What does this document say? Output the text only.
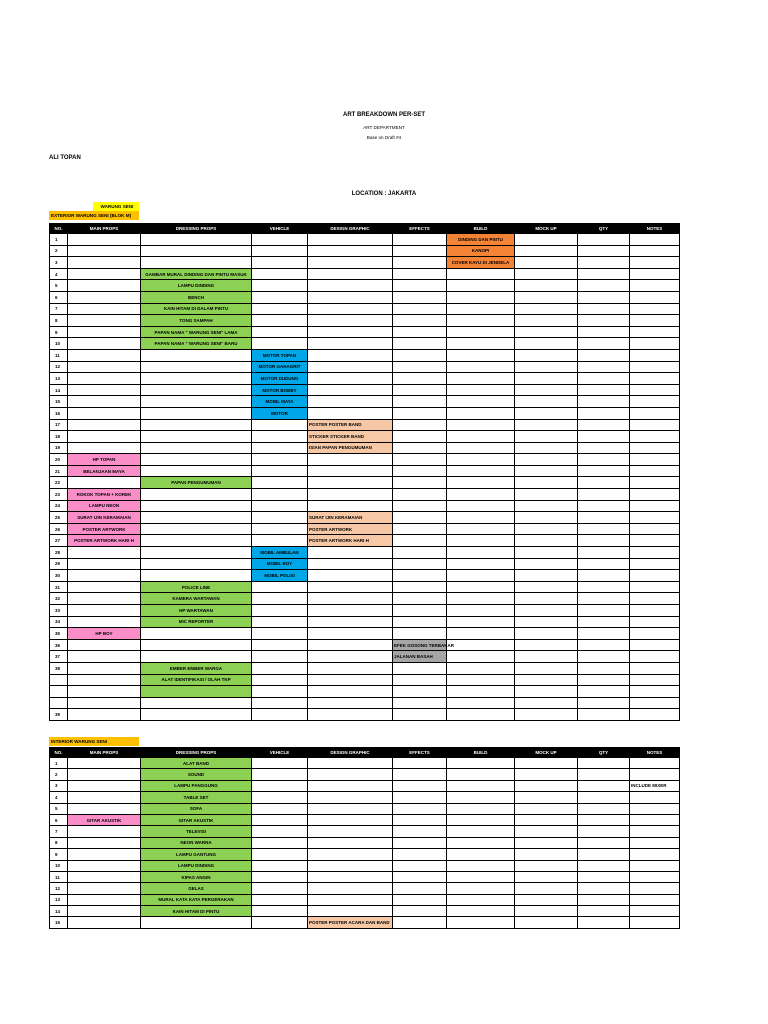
ART BREAKDOWN PER-SET
ART DEPARTMENT
Base on Draft #4
ALI TOPAN
LOCATION : JAKARTA
WARUNG SENI
EXTERIOR WARUNG SENI (BLOK M)
NO.	MAIN PROPS	DRESSING PROPS	VEHICLE	DESIGN GRAPHIC	EFFECTS	BUILD	MOCK UP	QTY	NOTES
1						DINDING DAN PINTU			
2						KANOPI			
3						COVER KAYU DI JENDELA			
4		GAMBAR MURAL DINDING DAN PINTU MASUK							
5		LAMPU DINDING							
6		BENCH							
7		KAIN HITAM DI DALAM PINTU							
8		TONG SAMPAH							
9		PAPAN NAMA " WARUNG SENI" LAMA							
10		PAPAN NAMA " WARUNG SENI" BARU							
11			MOTOR TOPAN						
12			MOTOR GAHAGRIT						
13			MOTOR DUDUNG						
14			MOTOR BOBBY						
15			MOBIL MAYA						
16			MOTOR						
17				POSTER POSTER BAND					
18				STICKER STICKER BAND					
19				ISIAN PAPAN PENGUMUMAN					
20	HP TOPAN								
21	BELANJAAN MAYA								
22		PAPAN PENGUMUMAN							
23	ROKOK TOPAN + KOREK								
24	LAMPU NEON								
25	SURAT IJIN KERAMAIAN			SURAT IJIN KERAMAIAN					
26	POSTER ARTWORK			POSTER ARTWORK					
27	POSTER ARTWORK HARI H			POSTER ARTWORK HARI H					
28			MOBIL AMBULAN						
29			MOBIL BOY						
30			MOBIL POLISI						
31		POLICE LINE							
32		KAMERA WARTAWAN							
33		HP WARTAWAN							
34		MIC REPORTER							
35	HP BOY								
36					EFEK GOSONG TERBAKAR				
37					JALANAN BASAH				
38		EMBER EMBER WARGA							
		ALAT IDENTIFIKASI / OLAH TKP							

39									
INTERIOR WARUNG SENI
NO.	MAIN PROPS	DRESSING PROPS	VEHICLE	DESIGN GRAPHIC	EFFECTS	BUILD	MOCK UP	QTY	NOTES
1		ALAT BAND							
2		SOUND							
3		LAMPU PANGGUNG							INCLUDE MIXER
4		TABLE SET							
5		SOFA							
6	GITAR AKUSTIK	GITAR AKUSTIK							
7		TELEVISI							
8		NEON WARNA							
9		LAMPU GANTUNG							
10		LAMPU DINDING							
11		KIPAS ANGIN							
12		GELAS							
13		MURAL KATA KATA PERGERAKAN							
14		KAIN HITAM DI PINTU							
15				POSTER POSTER ACARA DAN BAND					
